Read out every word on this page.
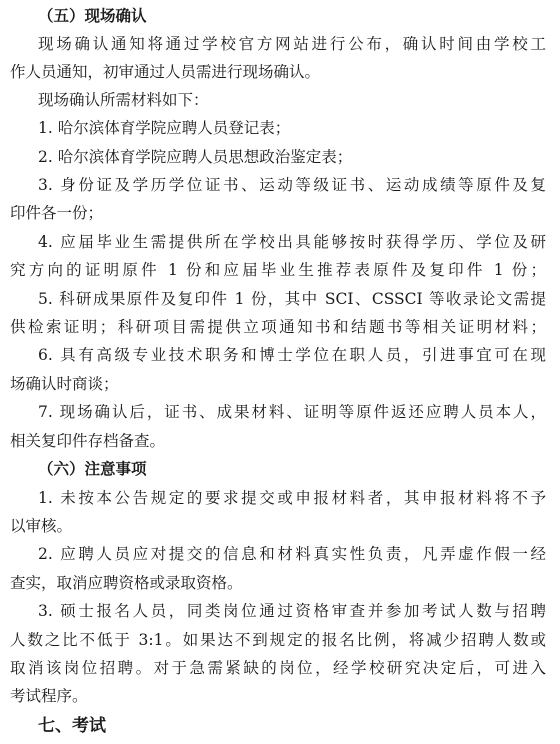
（五）现场确认
现场确认通知将通过学校官方网站进行公布，确认时间由学校工
作人员通知，初审通过人员需进行现场确认。
现场确认所需材料如下：
1. 哈尔滨体育学院应聘人员登记表；
2. 哈尔滨体育学院应聘人员思想政治鉴定表；
3. 身份证及学历学位证书、运动等级证书、运动成绩等原件及复
印件各一份；
4. 应届毕业生需提供所在学校出具能够按时获得学历、学位及研
究方向的证明原件 1 份和应届毕业生推荐表原件及复印件 1 份；
5. 科研成果原件及复印件 1 份，其中 SCI、CSSCI 等收录论文需提
供检索证明；科研项目需提供立项通知书和结题书等相关证明材料；
6. 具有高级专业技术职务和博士学位在职人员，引进事宜可在现
场确认时商谈；
7. 现场确认后，证书、成果材料、证明等原件返还应聘人员本人，
相关复印件存档备查。
（六）注意事项
1. 未按本公告规定的要求提交或申报材料者，其申报材料将不予
以审核。
2. 应聘人员应对提交的信息和材料真实性负责，凡弄虚作假一经
查实，取消应聘资格或录取资格。
3. 硕士报名人员，同类岗位通过资格审查并参加考试人数与招聘
人数之比不低于 3:1。如果达不到规定的报名比例，将减少招聘人数或
取消该岗位招聘。对于急需紧缺的岗位，经学校研究决定后，可进入
考试程序。
七、考试
